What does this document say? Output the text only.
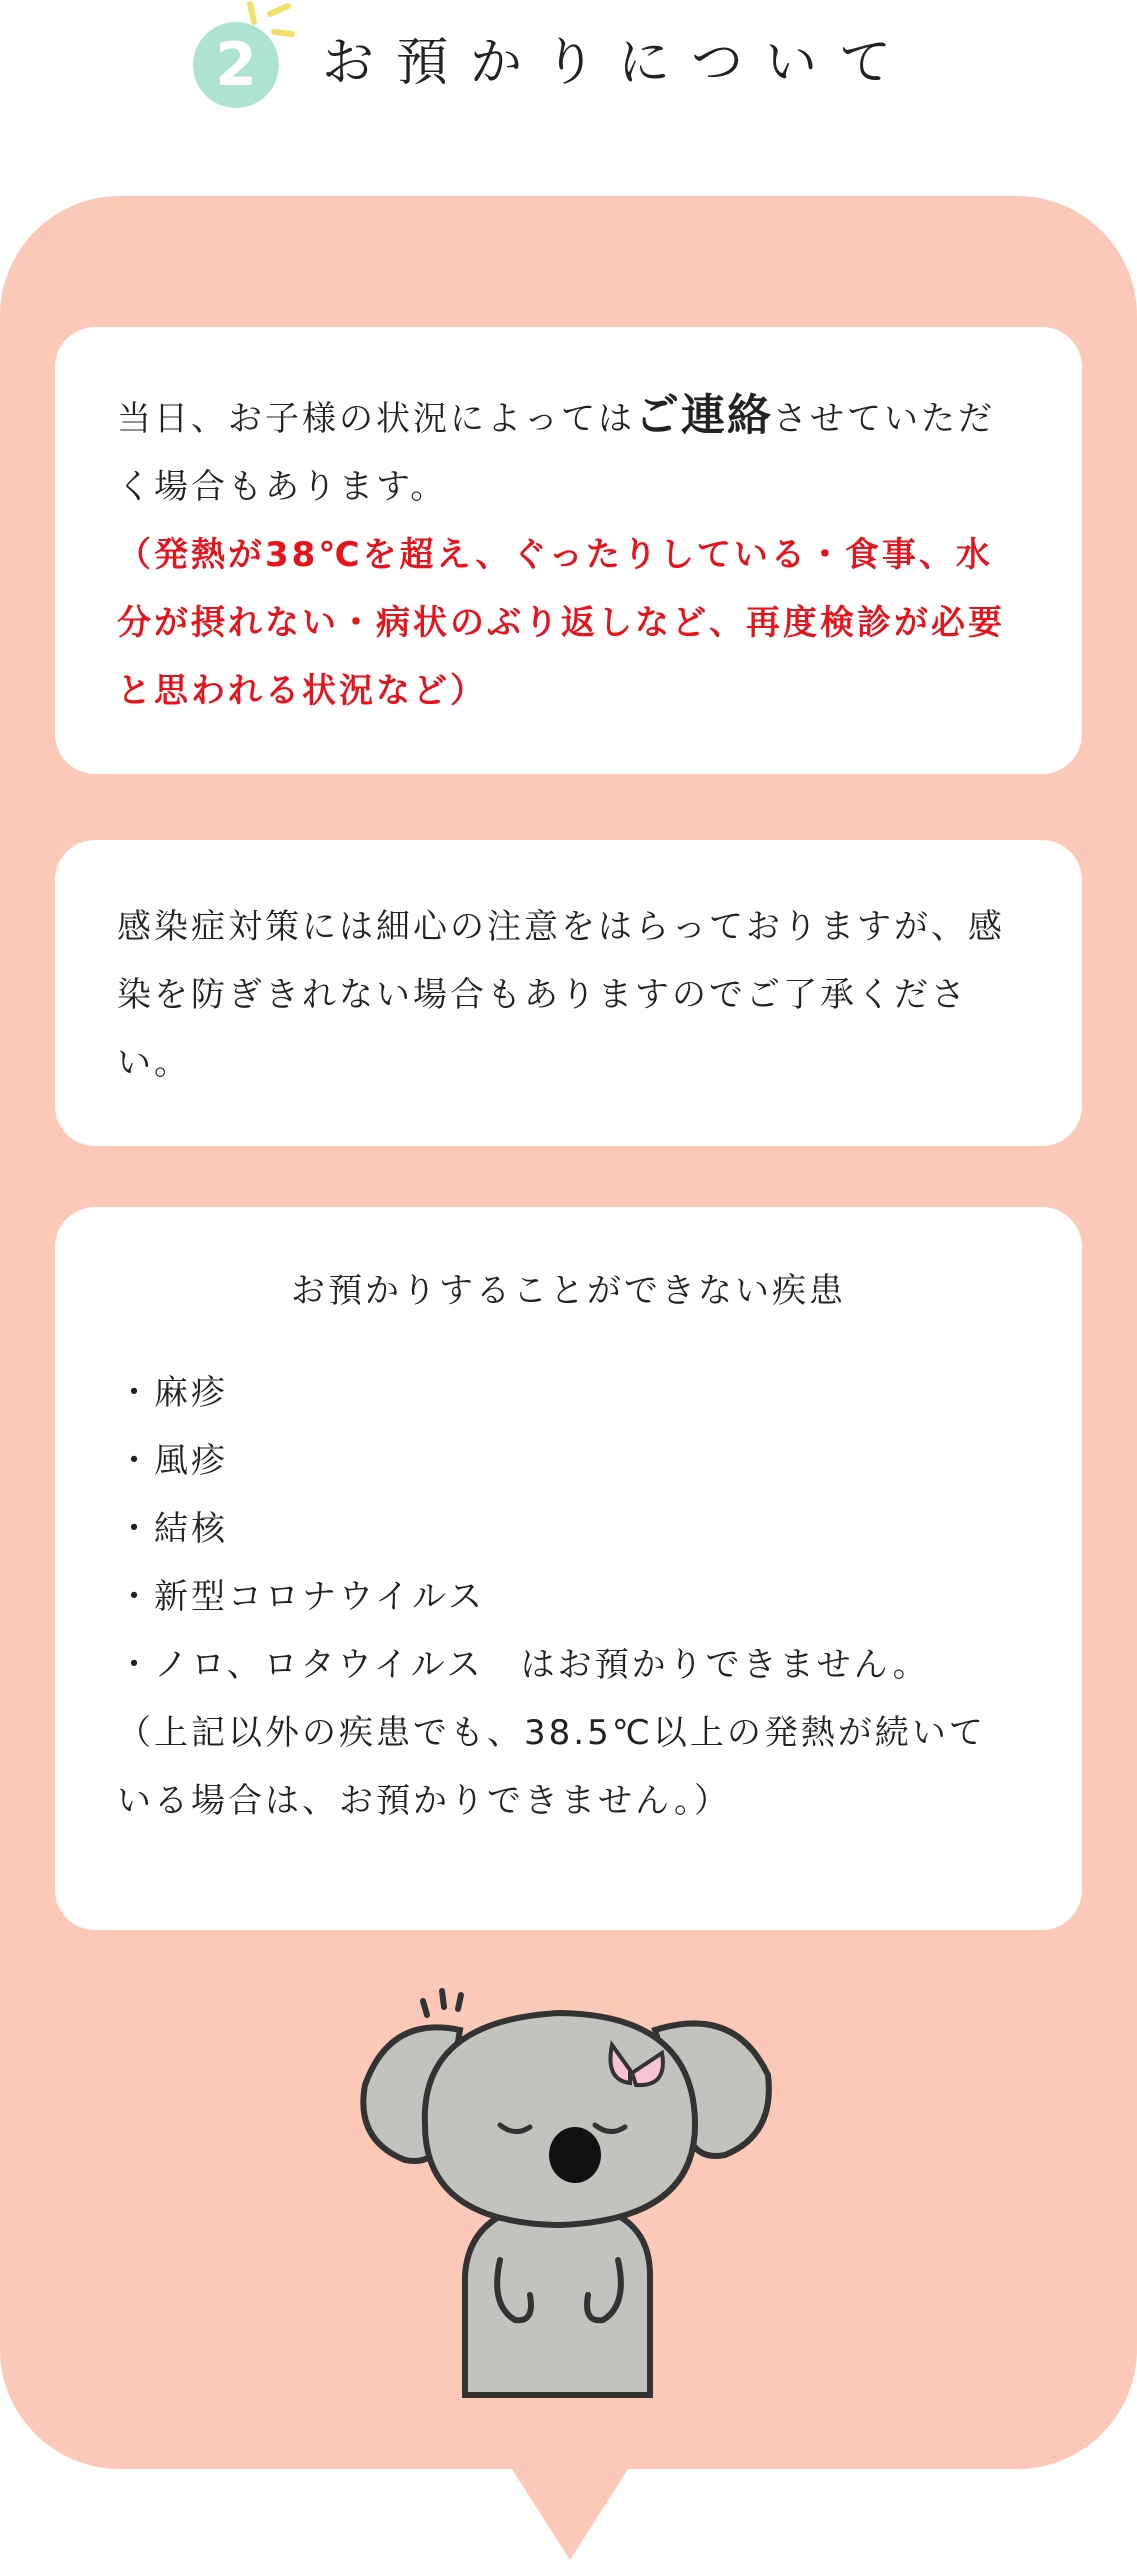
2 お預かりについて
当日、お子様の状況によってはご連絡させていただく場合もあります。
（発熱が38℃を超え、ぐったりしている・食事、水分が摂れない・病状のぶり返しなど、再度検診が必要と思われる状況など）
感染症対策には細心の注意をはらっておりますが、感染を防ぎきれない場合もありますのでご了承ください。
お預かりすることができない疾患
・麻疹
・風疹
・結核
・新型コロナウイルス
・ノロ、ロタウイルス　はお預かりできません。
（上記以外の疾患でも、38.5℃以上の発熱が続いている場合は、お預かりできません。）
